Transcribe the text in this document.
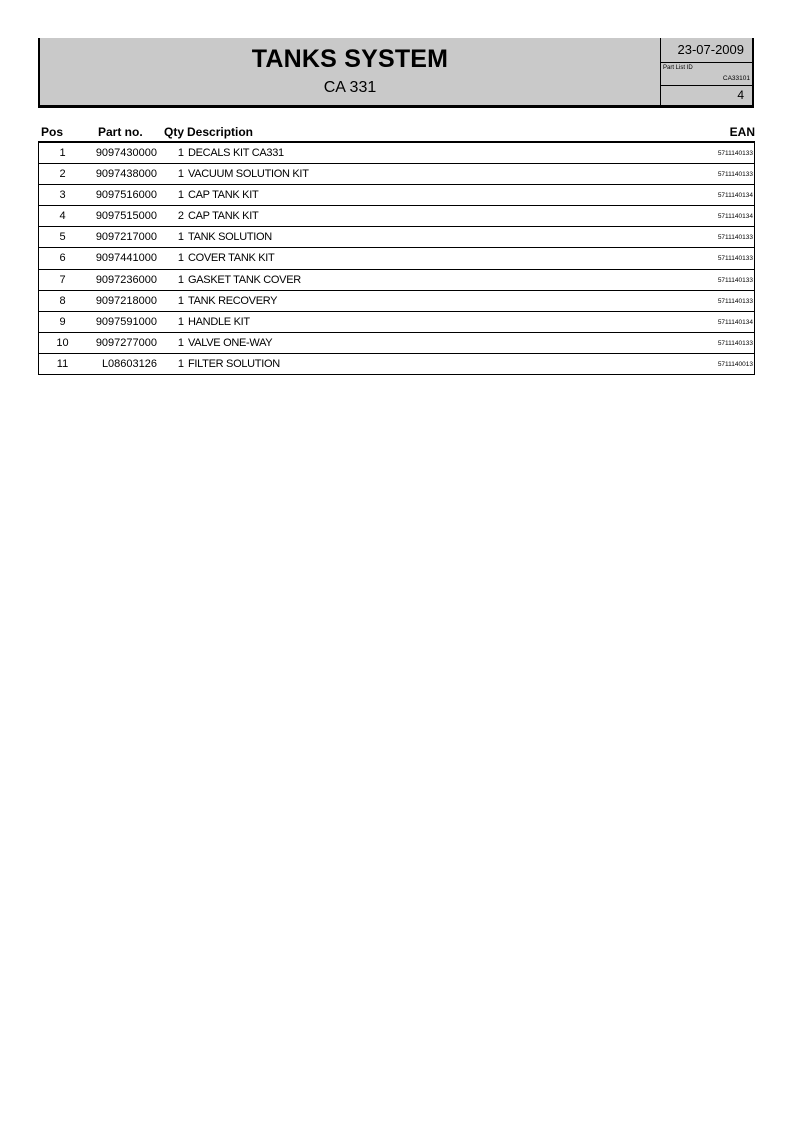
TANKS SYSTEM
CA 331
23-07-2009
Part List ID
CA33101
4
Pos	Part no. Qty Description	EAN
1	9097430000 1 DECALS KIT CA331	5711140133
2	9097438000 1 VACUUM SOLUTION KIT	5711140133
3	9097516000 1 CAP TANK KIT	5711140134
4	9097515000 2 CAP TANK KIT	5711140134
5	9097217000 1 TANK SOLUTION	5711140133
6	9097441000 1 COVER TANK KIT	5711140133
7	9097236000 1 GASKET TANK COVER	5711140133
8	9097218000 1 TANK RECOVERY	5711140133
9	9097591000 1 HANDLE KIT	5711140134
10	9097277000 1 VALVE ONE-WAY	5711140133
11	L08603126 1 FILTER SOLUTION	5711140013
